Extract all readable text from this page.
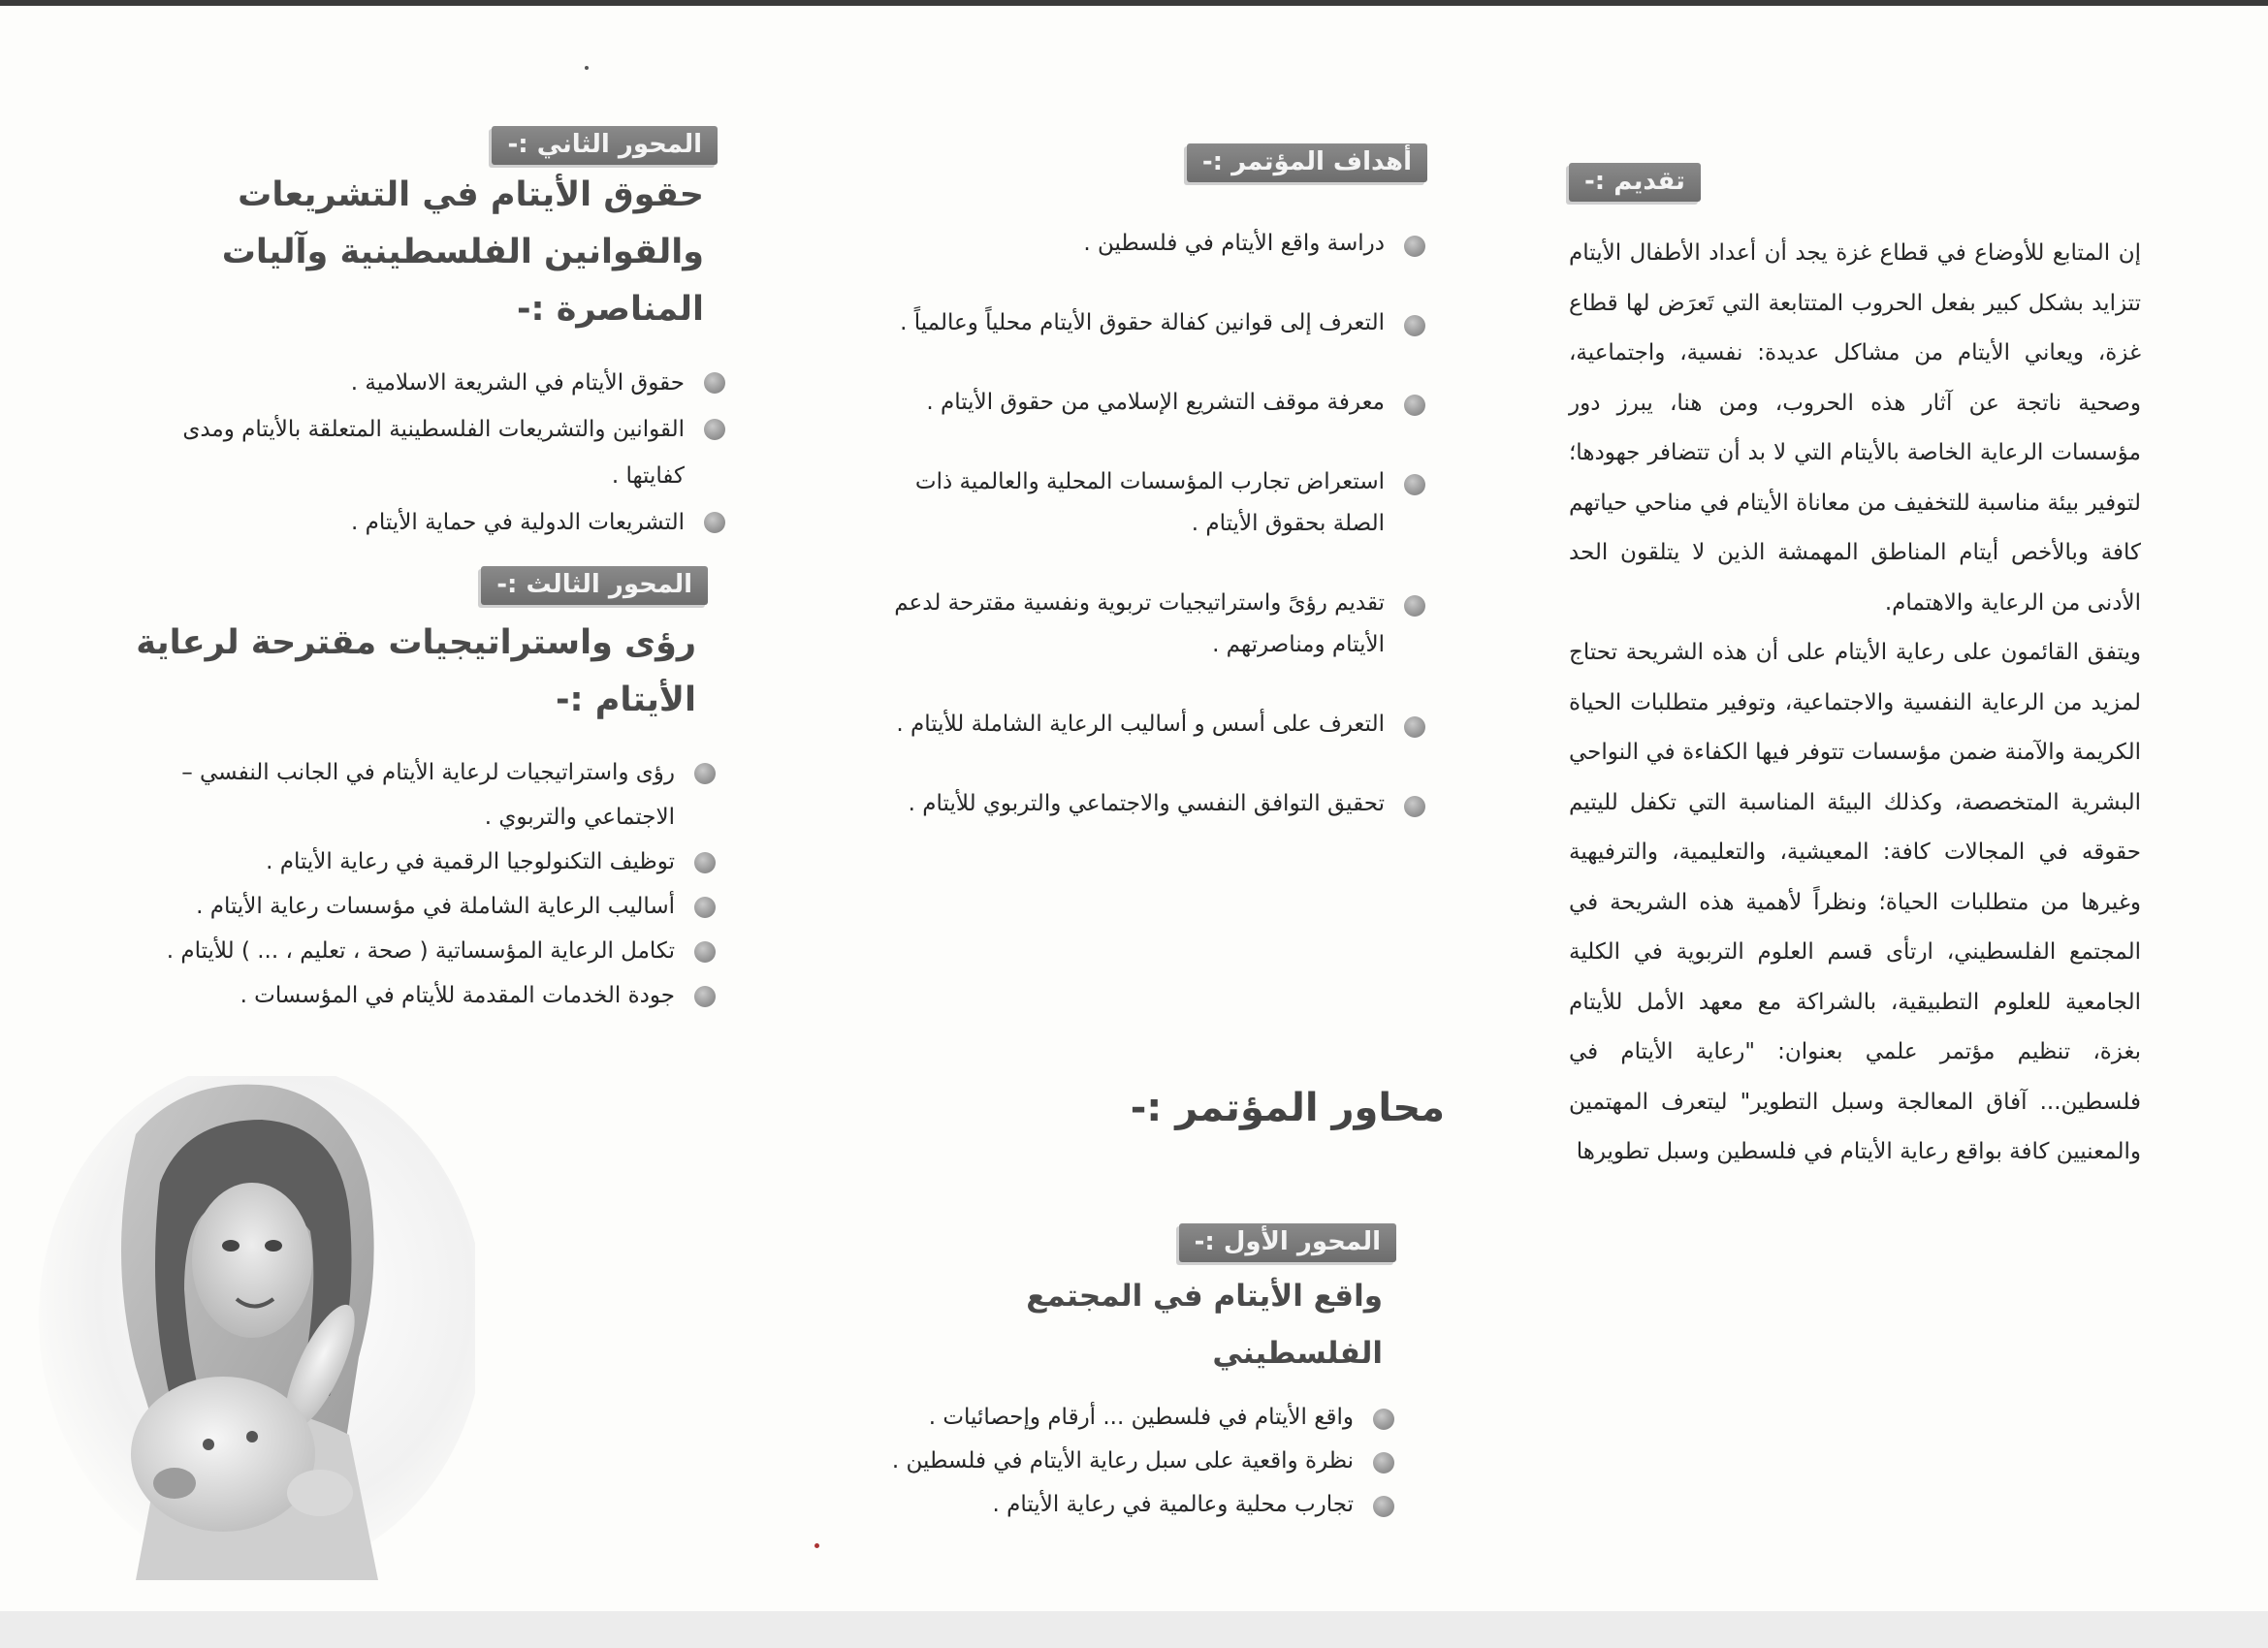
تقديم :-

إن المتابع للأوضاع في قطاع غزة يجد أن أعداد الأطفال الأيتام تتزايد بشكل كبير بفعل الحروب المتتابعة التي تَعرَض لها قطاع غزة، ويعاني الأيتام من مشاكل عديدة: نفسية، واجتماعية، وصحية ناتجة عن آثار هذه الحروب، ومن هنا، يبرز دور مؤسسات الرعاية الخاصة بالأيتام التي لا بد أن تتضافر جهودها؛ لتوفير بيئة مناسبة للتخفيف من معاناة الأيتام في مناحي حياتهم كافة وبالأخص أيتام المناطق المهمشة الذين لا يتلقون الحد الأدنى من الرعاية والاهتمام.

ويتفق القائمون على رعاية الأيتام على أن هذه الشريحة تحتاج لمزيد من الرعاية النفسية والاجتماعية، وتوفير متطلبات الحياة الكريمة والآمنة ضمن مؤسسات تتوفر فيها الكفاءة في النواحي البشرية المتخصصة، وكذلك البيئة المناسبة التي تكفل لليتيم حقوقه في المجالات كافة: المعيشية، والتعليمية، والترفيهية وغيرها من متطلبات الحياة؛ ونظراً لأهمية هذه الشريحة في المجتمع الفلسطيني، ارتأى قسم العلوم التربوية في الكلية الجامعية للعلوم التطبيقية، بالشراكة مع معهد الأمل للأيتام بغزة، تنظيم مؤتمر علمي بعنوان: "رعاية الأيتام في فلسطين... آفاق المعالجة وسبل التطوير" ليتعرف المهتمين والمعنيين كافة بواقع رعاية الأيتام في فلسطين وسبل تطويرها

أهداف المؤتمر :-
دراسة واقع الأيتام في فلسطين .
التعرف إلى قوانين كفالة حقوق الأيتام محلياً وعالمياً .
معرفة موقف التشريع الإسلامي من حقوق الأيتام .
استعراض تجارب المؤسسات المحلية والعالمية ذات الصلة بحقوق الأيتام .
تقديم رؤىً واستراتيجيات تربوية ونفسية مقترحة لدعم الأيتام ومناصرتهم .
التعرف على أسس و أساليب الرعاية الشاملة للأيتام .
تحقيق التوافق النفسي والاجتماعي والتربوي للأيتام .
محاور المؤتمر :-
المحور الأول :-
واقع الأيتام في المجتمع الفلسطيني
واقع الأيتام في فلسطين ... أرقام وإحصائيات .
نظرة واقعية على سبل رعاية الأيتام في فلسطين .
تجارب محلية وعالمية في رعاية الأيتام .
المحور الثاني :-
حقوق الأيتام في التشريعات والقوانين الفلسطينية وآليات المناصرة :-
حقوق الأيتام في الشريعة الاسلامية .
القوانين والتشريعات الفلسطينية المتعلقة بالأيتام ومدى كفايتها .
التشريعات الدولية في حماية الأيتام .
المحور الثالث :-
رؤى واستراتيجيات مقترحة لرعاية الأيتام :-
رؤى واستراتيجيات لرعاية الأيتام في الجانب النفسي – الاجتماعي والتربوي .
توظيف التكنولوجيا الرقمية في رعاية الأيتام .
أساليب الرعاية الشاملة في مؤسسات رعاية الأيتام .
تكامل الرعاية المؤسساتية ( صحة ، تعليم ، ... ) للأيتام .
جودة الخدمات المقدمة للأيتام في المؤسسات .
